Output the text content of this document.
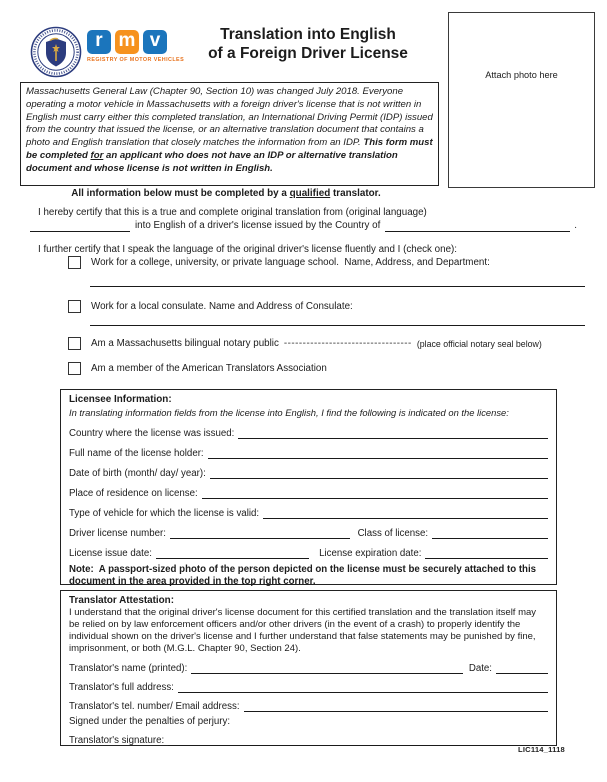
r m v
REGISTRY OF MOTOR VEHICLES
Translation into English
of a Foreign Driver License
Attach photo here
Massachusetts General Law (Chapter 90, Section 10) was changed July 2018. Everyone operating a motor vehicle in Massachusetts with a foreign driver's license that is not written in English must carry either this completed translation, an International Driving Permit (IDP) issued from the country that issued the license, or an alternative translation document that contains a photo and English translation that closely matches the information from an IDP. This form must be completed for an applicant who does not have an IDP or alternative translation document and whose license is not written in English.
All information below must be completed by a qualified translator.
I hereby certify that this is a true and complete original translation from (original language)
into English of a driver's license issued by the Country of	.
I further certify that I speak the language of the original driver's license fluently and I (check one):
Work for a college, university, or private language school.  Name, Address, and Department:
Work for a local consulate. Name and Address of Consulate:
Am a Massachusetts bilingual notary public ---------------------------------- (place official notary seal below)
Am a member of the American Translators Association
Licensee Information:
In translating information fields from the license into English, I find the following is indicated on the license:
Country where the license was issued:
Full name of the license holder:
Date of birth (month/ day/ year):
Place of residence on license:
Type of vehicle for which the license is valid:
Driver license number:	Class of license:
License issue date:	License expiration date:
Note:  A passport-sized photo of the person depicted on the license must be securely attached to this document in the area provided in the top right corner.
Translator Attestation:
I understand that the original driver's license document for this certified translation and the translation itself may be relied on by law enforcement officers and/or other drivers (in the event of a crash) to properly identify the individual shown on the driver's license and I further understand that false statements may be punished by fine, imprisonment, or both (M.G.L. Chapter 90, Section 24).
Translator's name (printed):	Date:
Translator's full address:
Translator's tel. number/ Email address:
Signed under the penalties of perjury:
Translator's signature:
LIC114_1118
